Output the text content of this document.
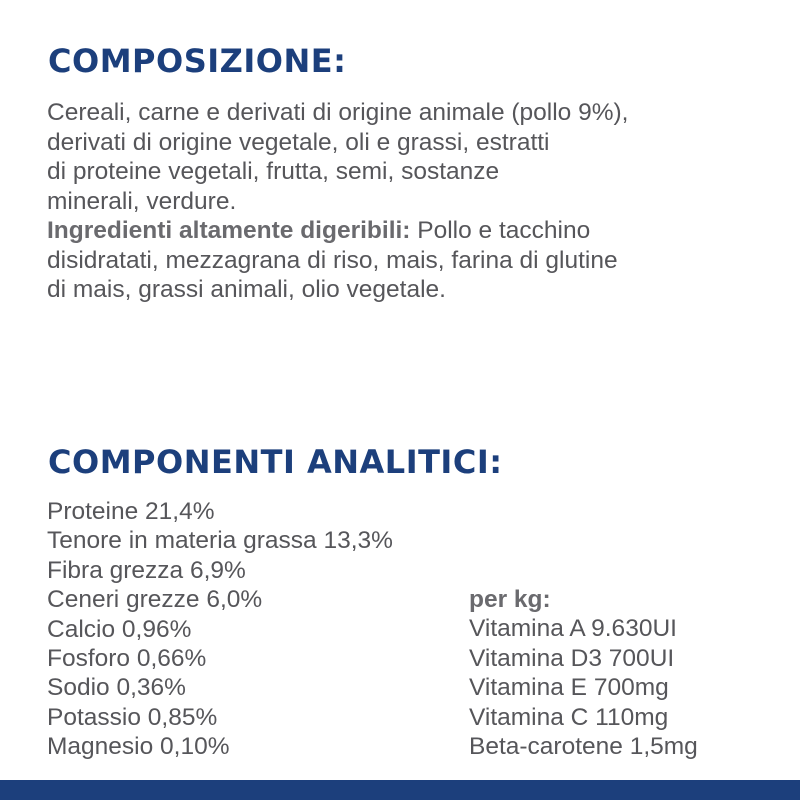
COMPOSIZIONE:

Cereali, carne e derivati di origine animale (pollo 9%),
derivati di origine vegetale, oli e grassi, estratti
di proteine vegetali, frutta, semi, sostanze
minerali, verdure.
Ingredienti altamente digeribili: Pollo e tacchino
disidratati, mezzagrana di riso, mais, farina di glutine
di mais, grassi animali, olio vegetale.

COMPONENTI ANALITICI:
Proteine 21,4%
Tenore in materia grassa 13,3%
Fibra grezza 6,9%
Ceneri grezze 6,0%
Calcio 0,96%
Fosforo 0,66%
Sodio 0,36%
Potassio 0,85%
Magnesio 0,10%
per kg:
Vitamina A 9.630UI
Vitamina D3 700UI
Vitamina E 700mg
Vitamina C 110mg
Beta-carotene 1,5mg
